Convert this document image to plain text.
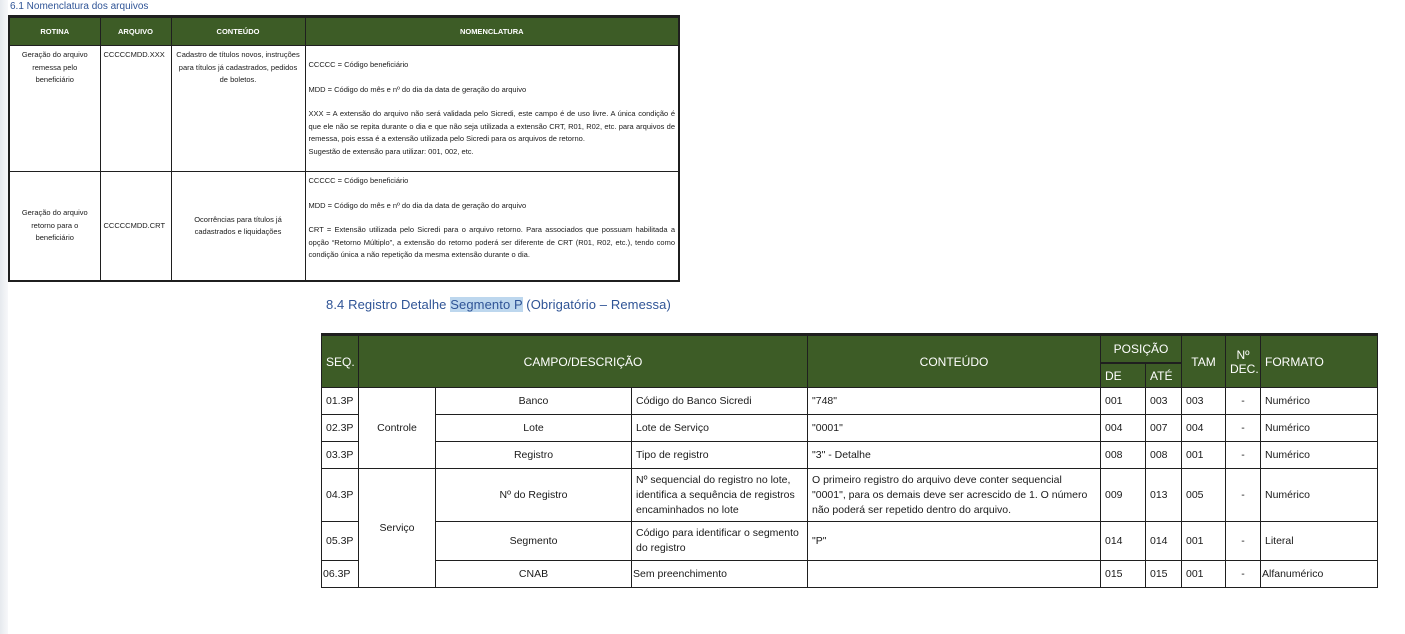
6.1 Nomenclatura dos arquivos
ROTINA	ARQUIVO	CONTEÚDO	NOMENCLATURA
Geração do arquivo remessa pelo beneficiário	CCCCCMDD.XXX	Cadastro de títulos novos, instruções para títulos já cadastrados, pedidos de boletos.	CCCCC = Código beneficiário

MDD = Código do mês e nº do dia da data de geração do arquivo

XXX = A extensão do arquivo não será validada pelo Sicredi, este campo é de uso livre. A única condição é que ele não se repita durante o dia e que não seja utilizada a extensão CRT, R01, R02, etc. para arquivos de remessa, pois essa é a extensão utilizada pelo Sicredi para os arquivos de retorno.

Sugestão de extensão para utilizar: 001, 002, etc.

Geração do arquivo retorno para o beneficiário	CCCCCMDD.CRT	Ocorrências para títulos já cadastrados e liquidações	CCCCC = Código beneficiário

MDD = Código do mês e nº do dia da data de geração do arquivo

CRT = Extensão utilizada pelo Sicredi para o arquivo retorno. Para associados que possuam habilitada a opção “Retorno Múltiplo”, a extensão do retorno poderá ser diferente de CRT (R01, R02, etc.), tendo como condição única a não repetição da mesma extensão durante o dia.

8.4 Registro Detalhe Segmento P (Obrigatório – Remessa)
SEQ.	CAMPO/DESCRIÇÃO			CONTEÚDO	POSIÇÃO		TAM	Nº DEC.	FORMATO
					DE	ATÉ			
01.3P	Controle	Banco	Código do Banco Sicredi	"748"	001	003	003	-	Numérico
02.3P		Lote	Lote de Serviço	"0001"	004	007	004	-	Numérico
03.3P		Registro	Tipo de registro	"3" - Detalhe	008	008	001	-	Numérico
04.3P	Serviço	Nº do Registro	Nº sequencial do registro no lote, identifica a sequência de registros encaminhados no lote	O primeiro registro do arquivo deve conter sequencial "0001", para os demais deve ser acrescido de 1. O número não poderá ser repetido dentro do arquivo.	009	013	005	-	Numérico
05.3P		Segmento	Código para identificar o segmento do registro	"P"	014	014	001	-	Literal
06.3P		CNAB	Sem preenchimento		015	015	001	-	Alfanumérico
